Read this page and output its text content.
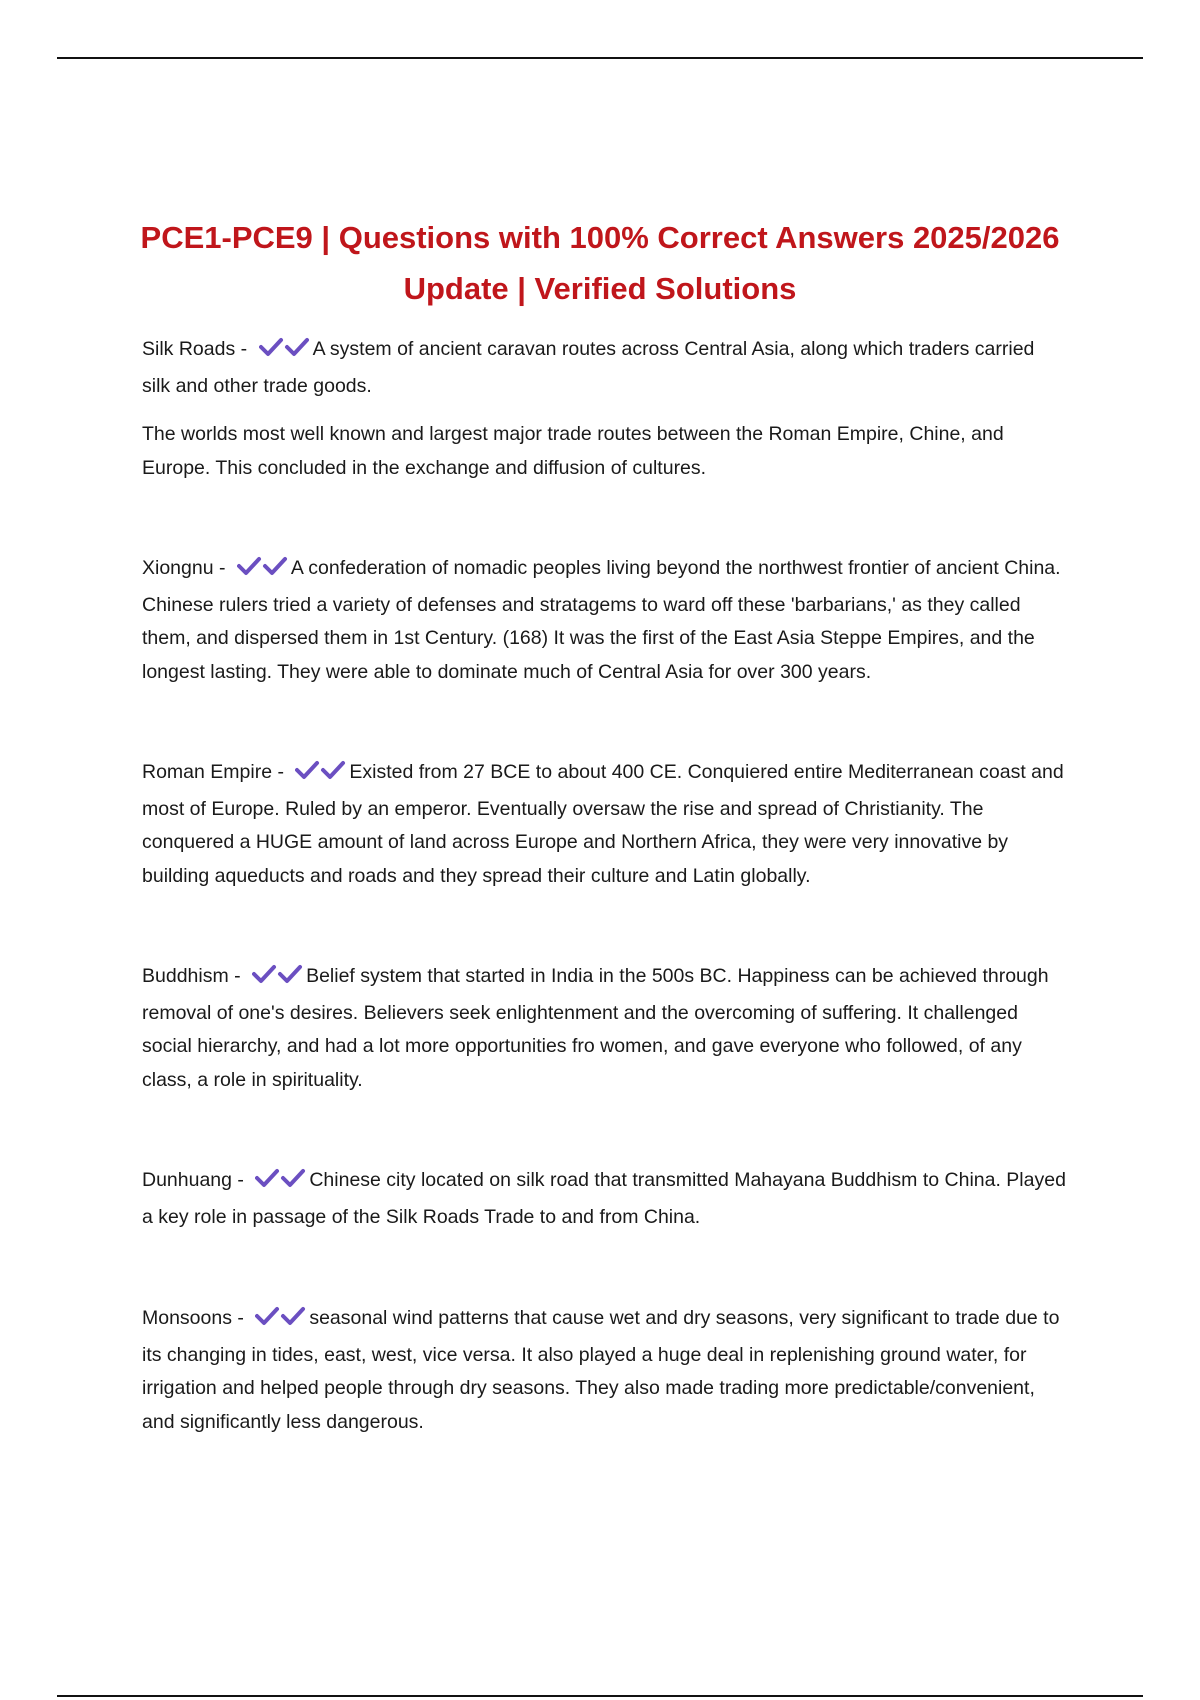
PCE1-PCE9 | Questions with 100% Correct Answers 2025/2026
Update | Verified Solutions

Silk Roads -	A system of ancient caravan routes across Central Asia, along which traders carried silk and other trade goods.

The worlds most well known and largest major trade routes between the Roman Empire, Chine, and Europe. This concluded in the exchange and diffusion of cultures.

Xiongnu -	A confederation of nomadic peoples living beyond the northwest frontier of ancient China. Chinese rulers tried a variety of defenses and stratagems to ward off these 'barbarians,' as they called them, and dispersed them in 1st Century. (168) It was the first of the East Asia Steppe Empires, and the longest lasting. They were able to dominate much of Central Asia for over 300 years.

Roman Empire -	Existed from 27 BCE to about 400 CE. Conquiered entire Mediterranean coast and most of Europe. Ruled by an emperor. Eventually oversaw the rise and spread of Christianity. The conquered a HUGE amount of land across Europe and Northern Africa, they were very innovative by building aqueducts and roads and they spread their culture and Latin globally.

Buddhism -	Belief system that started in India in the 500s BC. Happiness can be achieved through removal of one's desires. Believers seek enlightenment and the overcoming of suffering. It challenged social hierarchy, and had a lot more opportunities fro women, and gave everyone who followed, of any class, a role in spirituality.

Dunhuang -	Chinese city located on silk road that transmitted Mahayana Buddhism to China. Played a key role in passage of the Silk Roads Trade to and from China.

Monsoons -	seasonal wind patterns that cause wet and dry seasons, very significant to trade due to its changing in tides, east, west, vice versa. It also played a huge deal in replenishing ground water, for irrigation and helped people through dry seasons. They also made trading more predictable/convenient, and significantly less dangerous.
